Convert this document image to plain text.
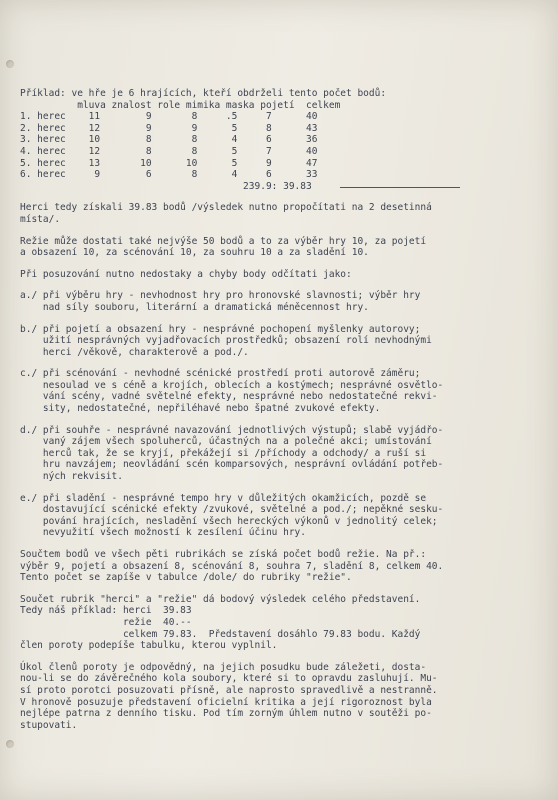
Příklad: ve hře je 6 hrajících, kteří obdrželi tento počet bodů:
mluva znalost role mimika maska pojetí  celkem
1. herec    11        9       8     .5     7      40
2. herec    12        9       9      5     8      43
3. herec    10        8       8      4     6      36
4. herec    12        8       8      5     7      40
5. herec    13       10      10      5     9      47
6. herec     9        6       8      4     6      33
239.9: 39.83
Herci tedy získali 39.83 bodů /výsledek nutno propočítati na 2 desetinná
místa/.
Režie může dostati také nejvýše 50 bodů a to za výběr hry 10, za pojetí
a obsazení 10, za scénování 10, za souhru 10 a za sladění 10.
Při posuzování nutno nedostaky a chyby body odčítati jako:
a./ při výběru hry - nevhodnost hry pro hronovské slavnosti; výběr hry
nad síly souboru, literární a dramatická méněcennost hry.
b./ při pojetí a obsazení hry - nesprávné pochopení myšlenky autorovy;
užití nesprávných vyjadřovacích prostředků; obsazení rolí nevhodnými
herci /věkově, charakterově a pod./.
c./ při scénování - nevhodné scénické prostředí proti autorově záměru;
nesoulad ve s céně a krojích, oblecích a kostýmech; nesprávné osvětlo-
vání scény, vadné světelné efekty, nesprávné nebo nedostatečné rekvi-
sity, nedostatečné, nepřiléhavé nebo špatné zvukové efekty.
d./ při souhře - nesprávné navazování jednotlivých výstupů; slabě vyjádřo-
vaný zájem všech spoluherců, účastných na a polečné akci; umístování
herců tak, že se kryjí, překážejí si /příchody a odchody/ a ruší si
hru navzájem; neovládání scén komparsových, nesprávní ovládání potřeb-
ných rekvisit.
e./ při sladění - nesprávné tempo hry v důležitých okamžicích, pozdě se
dostavující scénické efekty /zvukové, světelné a pod./; nepěkné sesku-
pování hrajících, nesladění všech hereckých výkonů v jednolitý celek;
nevyužití všech možností k zesílení účinu hry.
Součtem bodů ve všech pěti rubrikách se získá počet bodů režie. Na př.:
výběr 9, pojetí a obsazení 8, scénování 8, souhra 7, sladění 8, celkem 40.
Tento počet se zapíše v tabulce /dole/ do rubriky "režie".
Součet rubrik "herci" a "režie" dá bodový výsledek celého představení.
Tedy náš příklad: herci  39.83
režie  40.--
celkem 79.83.  Představení dosáhlo 79.83 bodu. Každý
člen poroty podepíše tabulku, kterou vyplnil.
Úkol členů poroty je odpovědný, na jejich posudku bude záležeti, dosta-
nou-li se do závěrečného kola soubory, které si to opravdu zasluhují. Mu-
sí proto porotci posuzovati přísně, ale naprosto spravedlivě a nestranně.
V hronově posuzuje představení oficielní kritika a její rigoroznost byla
nejlépe patrna z denního tisku. Pod tím zorným úhlem nutno v soutěži po-
stupovati.
